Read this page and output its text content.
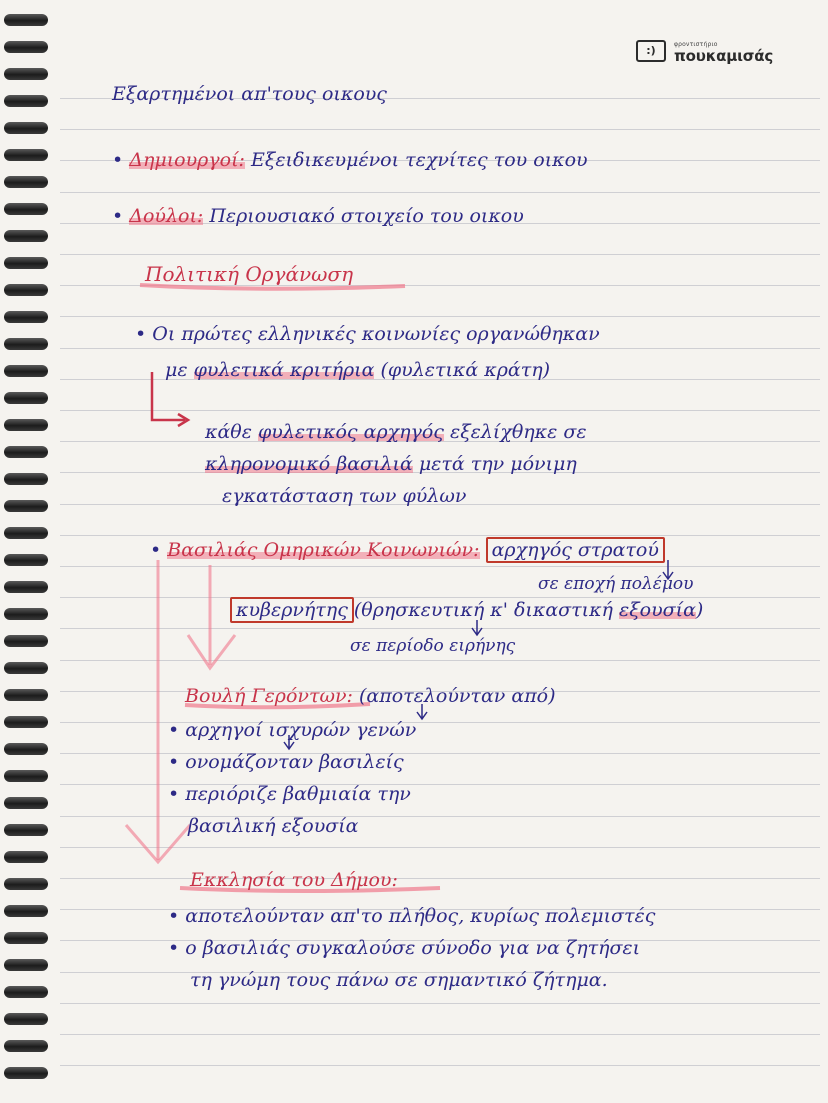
:)	φροντιστήριο
πουκαμισάς
Εξαρτημένοι απ'τους οικους
• Δημιουργοί: Εξειδικευμένοι τεχνίτες του οικου
• Δούλοι: Περιουσιακό στοιχείο του οικου
Πολιτική Οργάνωση
• Οι πρώτες ελληνικές κοινωνίες οργανώθηκαν
με φυλετικά κριτήρια (φυλετικά κράτη)
κάθε φυλετικός αρχηγός εξελίχθηκε σε
κληρονομικό βασιλιά μετά την μόνιμη
εγκατάσταση των φύλων
• Βασιλιάς Ομηρικών Κοινωνιών: αρχηγός στρατού
σε εποχή πολέμου
κυβερνήτης (θρησκευτική κ' δικαστική εξουσία)
σε περίοδο ειρήνης
Βουλή Γερόντων: (αποτελούνταν από)
• αρχηγοί ισχυρών γενών
• ονομάζονταν βασιλείς
• περιόριζε βαθμιαία την
βασιλική εξουσία
Εκκλησία του Δήμου:
• αποτελούνταν απ'το πλήθος, κυρίως πολεμιστές
• ο βασιλιάς συγκαλούσε σύνοδο για να ζητήσει
τη γνώμη τους πάνω σε σημαντικό ζήτημα.
